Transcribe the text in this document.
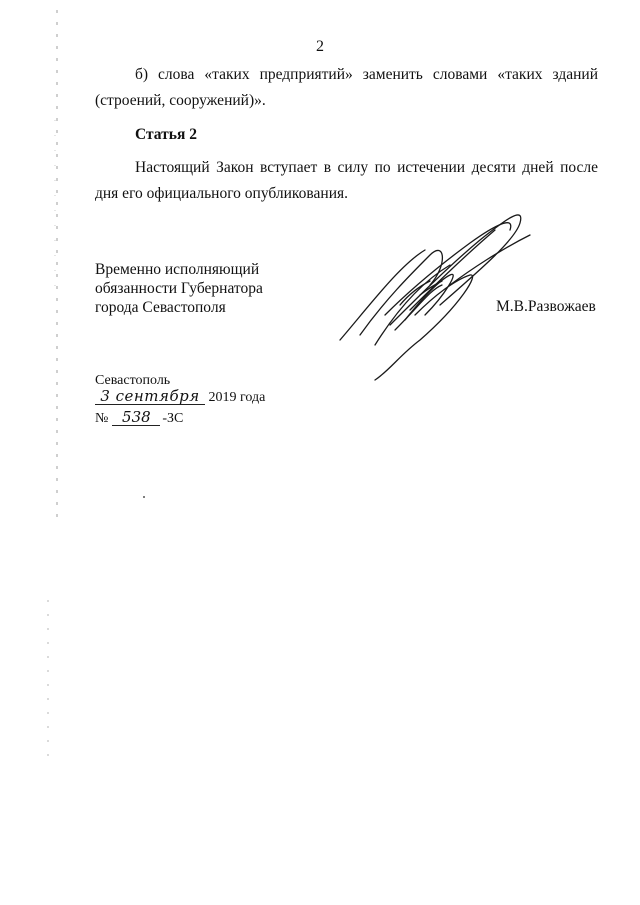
2

б) слова «таких предприятий» заменить словами «таких зданий (строений, сооружений)».

Статья 2

Настоящий Закон вступает в силу по истечении десяти дней после дня его официального опубликования.

Временно исполняющий
обязанности Губернатора
города Севастополя	М.В.Развожаев
Севастополь
3 сентября 2019 года
№ 538 -ЗС
